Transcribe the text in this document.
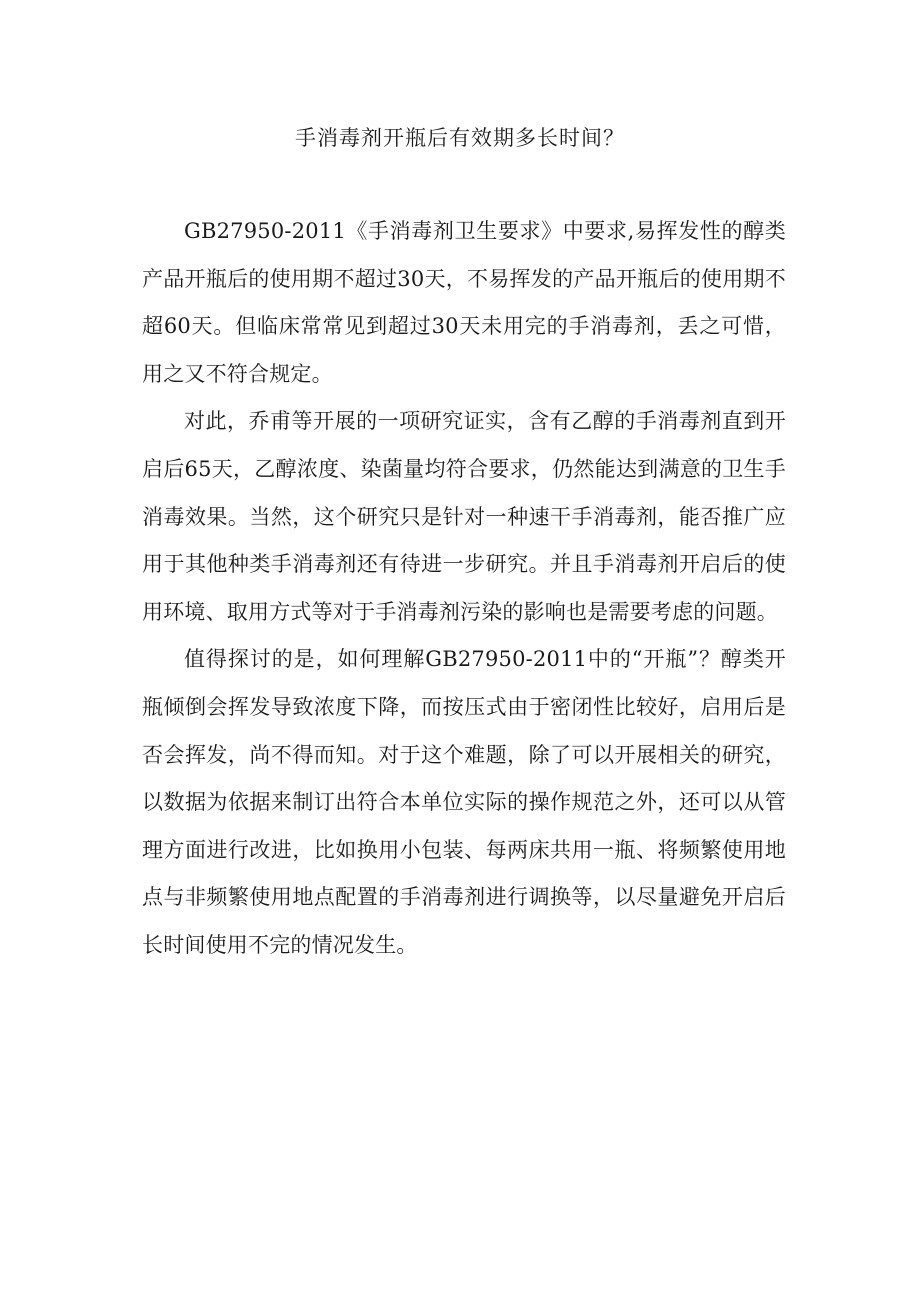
手消毒剂开瓶后有效期多长时间？

GB27950-2011《手消毒剂卫生要求》中要求,易挥发性的醇类产品开瓶后的使用期不超过30天，不易挥发的产品开瓶后的使用期不超60天。但临床常常见到超过30天未用完的手消毒剂，丢之可惜，用之又不符合规定。

对此，乔甫等开展的一项研究证实，含有乙醇的手消毒剂直到开启后65天，乙醇浓度、染菌量均符合要求，仍然能达到满意的卫生手消毒效果。当然，这个研究只是针对一种速干手消毒剂，能否推广应用于其他种类手消毒剂还有待进一步研究。并且手消毒剂开启后的使用环境、取用方式等对于手消毒剂污染的影响也是需要考虑的问题。

值得探讨的是，如何理解GB27950-2011中的“开瓶”？醇类开瓶倾倒会挥发导致浓度下降，而按压式由于密闭性比较好，启用后是否会挥发，尚不得而知。对于这个难题，除了可以开展相关的研究，以数据为依据来制订出符合本单位实际的操作规范之外，还可以从管理方面进行改进，比如换用小包装、每两床共用一瓶、将频繁使用地点与非频繁使用地点配置的手消毒剂进行调换等，以尽量避免开启后长时间使用不完的情况发生。
